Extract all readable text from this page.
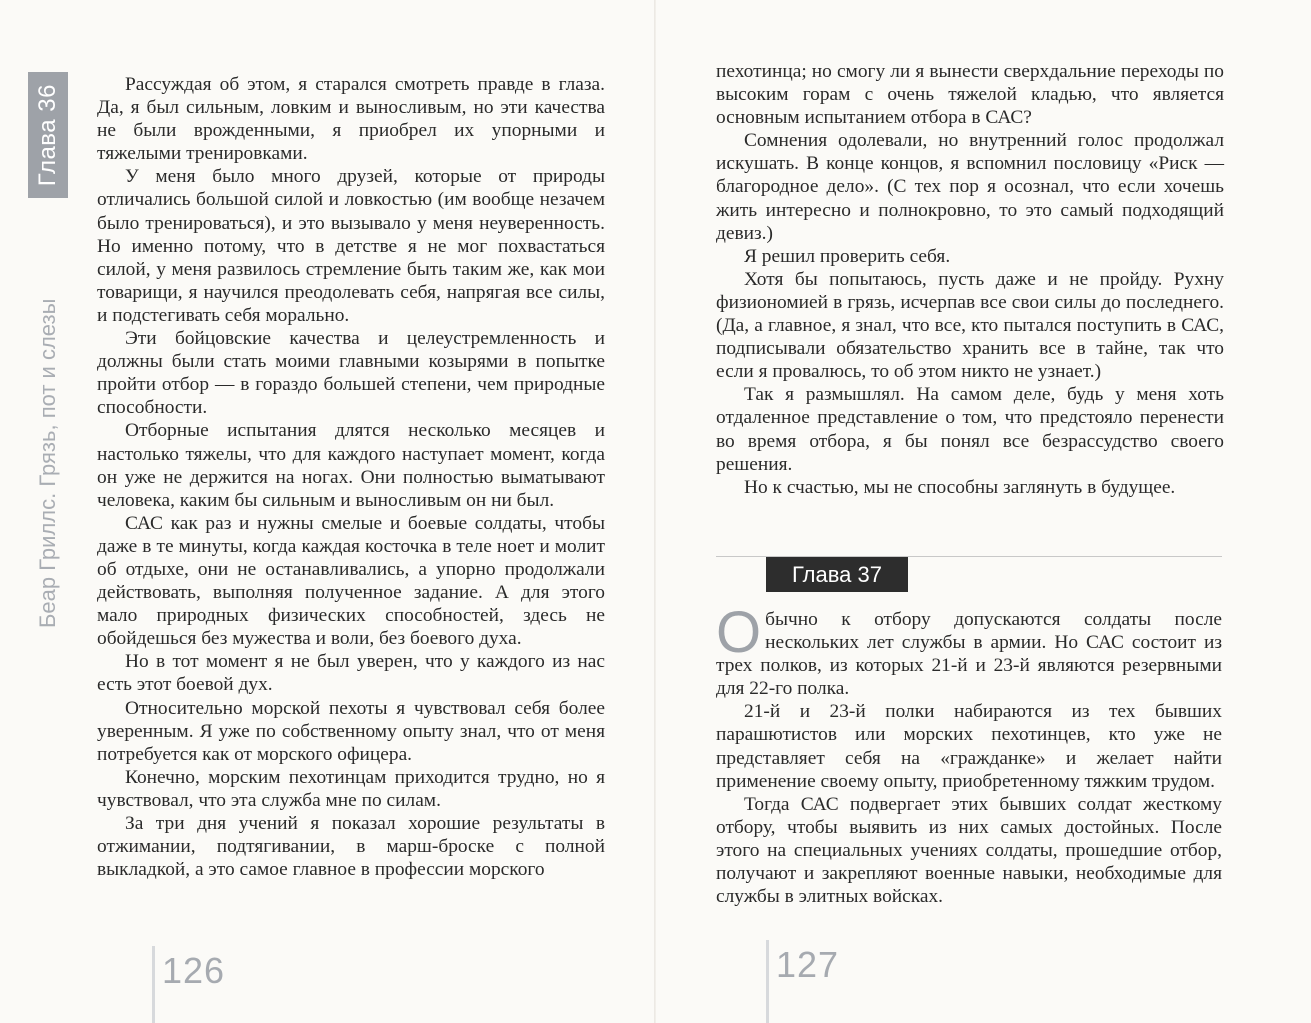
Беар Гриллс. Грязь, пот и слезы
Глава 36	Рассуждая об этом, я старался смотреть правде в глаза. Да, я был сильным, ловким и выносливым, но эти качества не были врожденными, я приобрел их упорными и тяжелыми тренировками.

У меня было много друзей, которые от природы отличались большой силой и ловкостью (им вообще незачем было тренироваться), и это вызывало у меня неуверенность. Но именно потому, что в детстве я не мог похвастаться силой, у меня развилось стремление быть таким же, как мои товарищи, я научился преодолевать себя, напрягая все силы, и подстегивать себя морально.

Эти бойцовские качества и целеустремленность и должны были стать моими главными козырями в попытке пройти отбор — в гораздо большей степени, чем природные способности.

Отборные испытания длятся несколько месяцев и настолько тяжелы, что для каждого наступает момент, когда он уже не держится на ногах. Они полностью выматывают человека, каким бы сильным и выносливым он ни был.

САС как раз и нужны смелые и боевые солдаты, чтобы даже в те минуты, когда каждая косточка в теле ноет и молит об отдыхе, они не останавливались, а упорно продолжали действовать, выполняя полученное задание. А для этого мало природных физических способностей, здесь не обойдешься без мужества и воли, без боевого духа.

Но в тот момент я не был уверен, что у каждого из нас есть этот боевой дух.

Относительно морской пехоты я чувствовал себя более уверенным. Я уже по собственному опыту знал, что от меня потребуется как от морского офицера.

Конечно, морским пехотинцам приходится трудно, но я чувствовал, что эта служба мне по силам.

За три дня учений я показал хорошие результаты в отжимании, подтягивании, в марш-броске с полной выкладкой, а это самое главное в профессии морского

126

пехотинца; но смогу ли я вынести сверхдальние переходы по высоким горам с очень тяжелой кладью, что является основным испытанием отбора в САС?

Сомнения одолевали, но внутренний голос продолжал искушать. В конце концов, я вспомнил пословицу «Риск — благородное дело». (С тех пор я осознал, что если хочешь жить интересно и полнокровно, то это самый подходящий девиз.)

Я решил проверить себя.

Хотя бы попытаюсь, пусть даже и не пройду. Рухну физиономией в грязь, исчерпав все свои силы до последнего. (Да, а главное, я знал, что все, кто пытался поступить в САС, подписывали обязательство хранить все в тайне, так что если я провалюсь, то об этом никто не узнает.)

Так я размышлял. На самом деле, будь у меня хоть отдаленное представление о том, что предстояло перенести во время отбора, я бы понял все безрассудство своего решения.

Но к счастью, мы не способны заглянуть в будущее.

Глава 37

Обычно к отбору допускаются солдаты после нескольких лет службы в армии. Но САС состоит из трех полков, из которых 21-й и 23-й являются резервными для 22-го полка.

21-й и 23-й полки набираются из тех бывших парашютистов или морских пехотинцев, кто уже не представляет себя на «гражданке» и желает найти применение своему опыту, приобретенному тяжким трудом.

Тогда САС подвергает этих бывших солдат жесткому отбору, чтобы выявить из них самых достойных. После этого на специальных учениях солдаты, прошедшие отбор, получают и закрепляют военные навыки, необходимые для службы в элитных войсках.

127
